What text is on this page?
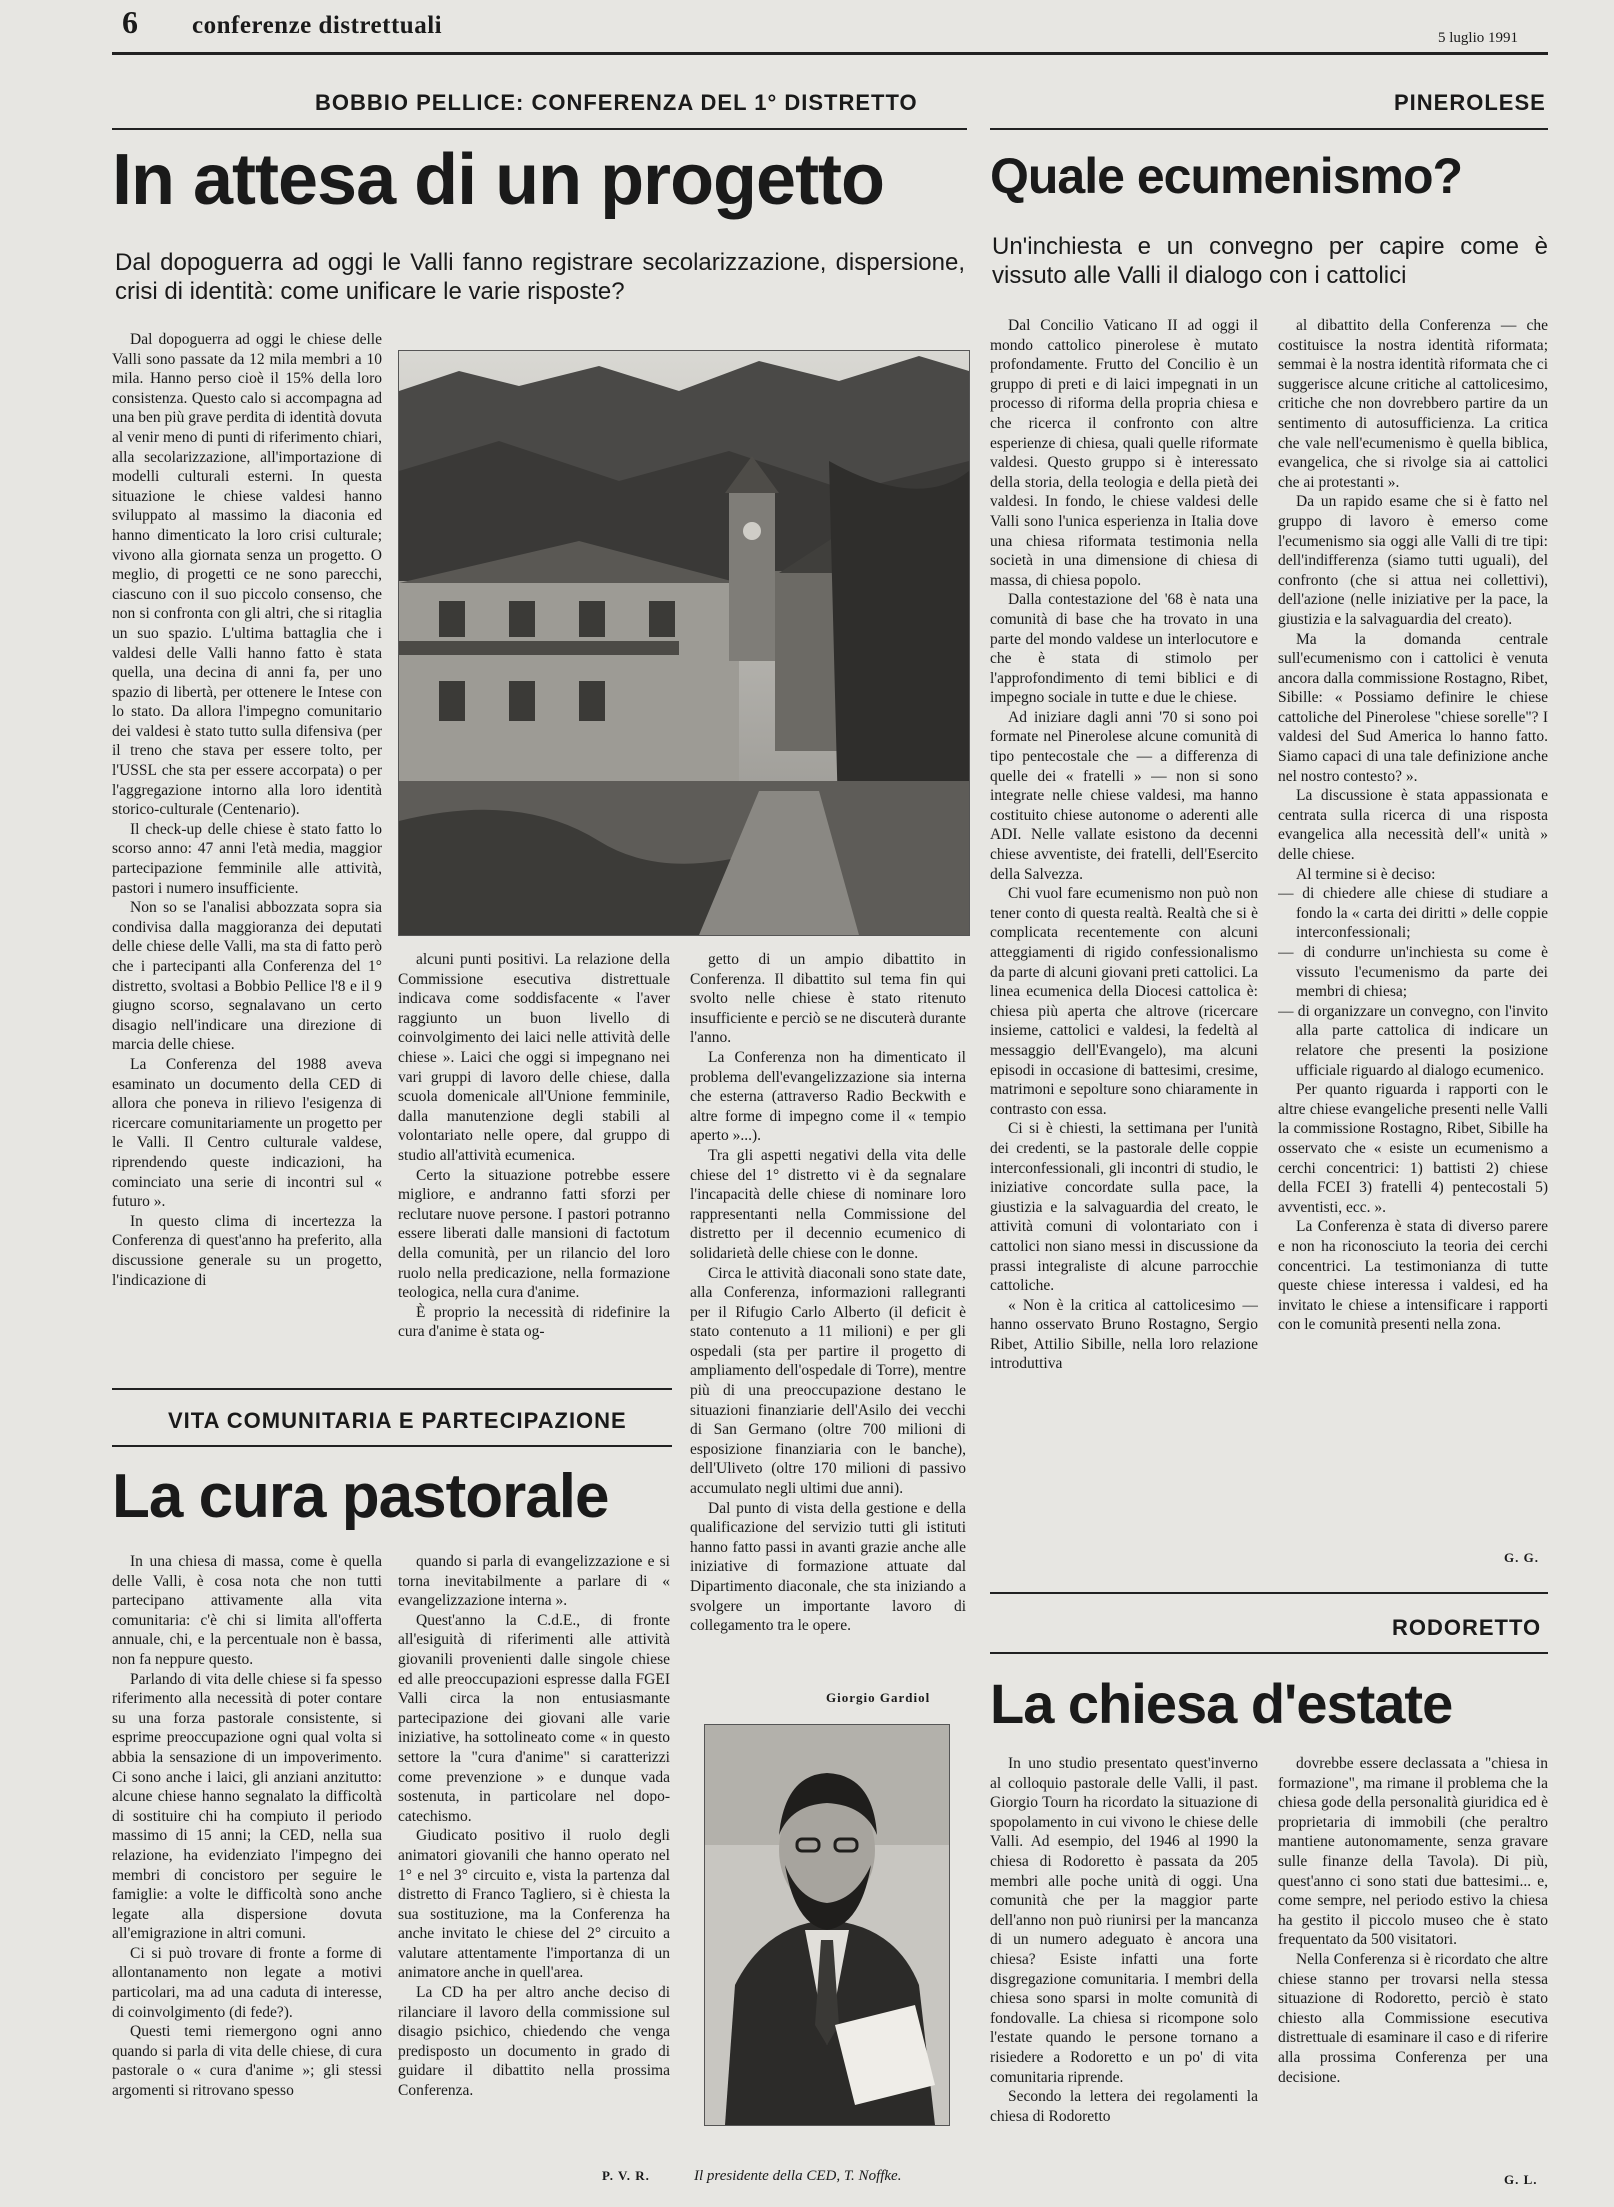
6 conferenze distrettuali	5 luglio 1991
BOBBIO PELLICE: CONFERENZA DEL 1° DISTRETTO
In attesa di un progetto
Dal dopoguerra ad oggi le Valli fanno registrare secolarizzazione, dispersione, crisi di identità: come unificare le varie risposte?

Dal dopoguerra ad oggi le chiese delle Valli sono passate da 12 mila membri a 10 mila. Hanno perso cioè il 15% della loro consistenza. Questo calo si accompagna ad una ben più grave perdita di identità dovuta al venir meno di punti di riferimento chiari, alla secolarizzazione, all'importazione di modelli culturali esterni. In questa situazione le chiese valdesi hanno sviluppato al massimo la diaconia ed hanno dimenticato la loro crisi culturale; vivono alla giornata senza un progetto. O meglio, di progetti ce ne sono parecchi, ciascuno con il suo piccolo consenso, che non si confronta con gli altri, che si ritaglia un suo spazio. L'ultima battaglia che i valdesi delle Valli hanno fatto è stata quella, una decina di anni fa, per uno spazio di libertà, per ottenere le Intese con lo stato. Da allora l'impegno comunitario dei valdesi è stato tutto sulla difensiva (per il treno che stava per essere tolto, per l'USSL che sta per essere accorpata) o per l'aggregazione intorno alla loro identità storico-culturale (Centenario).

Il check-up delle chiese è stato fatto lo scorso anno: 47 anni l'età media, maggior partecipazione femminile alle attività, pastori i numero insufficiente.

Non so se l'analisi abbozzata sopra sia condivisa dalla maggioranza dei deputati delle chiese delle Valli, ma sta di fatto però che i partecipanti alla Conferenza del 1° distretto, svoltasi a Bobbio Pellice l'8 e il 9 giugno scorso, segnalavano un certo disagio nell'indicare una direzione di marcia delle chiese.

La Conferenza del 1988 aveva esaminato un documento della CED di allora che poneva in rilievo l'esigenza di ricercare comunitariamente un progetto per le Valli. Il Centro culturale valdese, riprendendo queste indicazioni, ha cominciato una serie di incontri sul « futuro ».

In questo clima di incertezza la Conferenza di quest'anno ha preferito, alla discussione generale su un progetto, l'indicazione di

alcuni punti positivi. La relazione della Commissione esecutiva distrettuale indicava come soddisfacente « l'aver raggiunto un buon livello di coinvolgimento dei laici nelle attività delle chiese ». Laici che oggi si impegnano nei vari gruppi di lavoro delle chiese, dalla scuola domenicale all'Unione femminile, dalla manutenzione degli stabili al volontariato nelle opere, dal gruppo di studio all'attività ecumenica.

Certo la situazione potrebbe essere migliore, e andranno fatti sforzi per reclutare nuove persone. I pastori potranno essere liberati dalle mansioni di factotum della comunità, per un rilancio del loro ruolo nella predicazione, nella formazione teologica, nella cura d'anime.

È proprio la necessità di ridefinire la cura d'anime è stata og-

getto di un ampio dibattito in Conferenza. Il dibattito sul tema fin qui svolto nelle chiese è stato ritenuto insufficiente e perciò se ne discuterà durante l'anno.

La Conferenza non ha dimenticato il problema dell'evangelizzazione sia interna che esterna (attraverso Radio Beckwith e altre forme di impegno come il « tempio aperto »...).

Tra gli aspetti negativi della vita delle chiese del 1° distretto vi è da segnalare l'incapacità delle chiese di nominare loro rappresentanti nella Commissione del distretto per il decennio ecumenico di solidarietà delle chiese con le donne.

Circa le attività diaconali sono state date, alla Conferenza, informazioni rallegranti per il Rifugio Carlo Alberto (il deficit è stato contenuto a 11 milioni) e per gli ospedali (sta per partire il progetto di ampliamento dell'ospedale di Torre), mentre più di una preoccupazione destano le situazioni finanziarie dell'Asilo dei vecchi di San Germano (oltre 700 milioni di esposizione finanziaria con le banche), dell'Uliveto (oltre 170 milioni di passivo accumulato negli ultimi due anni).

Dal punto di vista della gestione e della qualificazione del servizio tutti gli istituti hanno fatto passi in avanti grazie anche alle iniziative di formazione attuate dal Dipartimento diaconale, che sta iniziando a svolgere un importante lavoro di collegamento tra le opere.

Giorgio Gardiol
VITA COMUNITARIA E PARTECIPAZIONE
La cura pastorale

In una chiesa di massa, come è quella delle Valli, è cosa nota che non tutti partecipano attivamente alla vita comunitaria: c'è chi si limita all'offerta annuale, chi, e la percentuale non è bassa, non fa neppure questo.

Parlando di vita delle chiese si fa spesso riferimento alla necessità di poter contare su una forza pastorale consistente, si esprime preoccupazione ogni qual volta si abbia la sensazione di un impoverimento. Ci sono anche i laici, gli anziani anzitutto: alcune chiese hanno segnalato la difficoltà di sostituire chi ha compiuto il periodo massimo di 15 anni; la CED, nella sua relazione, ha evidenziato l'impegno dei membri di concistoro per seguire le famiglie: a volte le difficoltà sono anche legate alla dispersione dovuta all'emigrazione in altri comuni.

Ci si può trovare di fronte a forme di allontanamento non legate a motivi particolari, ma ad una caduta di interesse, di coinvolgimento (di fede?).

Questi temi riemergono ogni anno quando si parla di vita delle chiese, di cura pastorale o « cura d'anime »; gli stessi argomenti si ritrovano spesso

quando si parla di evangelizzazione e si torna inevitabilmente a parlare di « evangelizzazione interna ».

Quest'anno la C.d.E., di fronte all'esiguità di riferimenti alle attività giovanili provenienti dalle singole chiese ed alle preoccupazioni espresse dalla FGEI Valli circa la non entusiasmante partecipazione dei giovani alle varie iniziative, ha sottolineato come « in questo settore la "cura d'anime" si caratterizzi come prevenzione » e dunque vada sostenuta, in particolare nel dopo-catechismo.

Giudicato positivo il ruolo degli animatori giovanili che hanno operato nel 1° e nel 3° circuito e, vista la partenza dal distretto di Franco Tagliero, si è chiesta la sua sostituzione, ma la Conferenza ha anche invitato le chiese del 2° circuito a valutare attentamente l'importanza di un animatore anche in quell'area.

La CD ha per altro anche deciso di rilanciare il lavoro della commissione sul disagio psichico, chiedendo che venga predisposto un documento in grado di guidare il dibattito nella prossima Conferenza.

P. V. R.	Il presidente della CED, T. Noffke.
PINEROLESE
Quale ecumenismo?
Un'inchiesta e un convegno per capire come è vissuto alle Valli il dialogo con i cattolici

Dal Concilio Vaticano II ad oggi il mondo cattolico pinerolese è mutato profondamente. Frutto del Concilio è un gruppo di preti e di laici impegnati in un processo di riforma della propria chiesa e che ricerca il confronto con altre esperienze di chiesa, quali quelle riformate valdesi. Questo gruppo si è interessato della storia, della teologia e della pietà dei valdesi. In fondo, le chiese valdesi delle Valli sono l'unica esperienza in Italia dove una chiesa riformata testimonia nella società in una dimensione di chiesa di massa, di chiesa popolo.

Dalla contestazione del '68 è nata una comunità di base che ha trovato in una parte del mondo valdese un interlocutore e che è stata di stimolo per l'approfondimento di temi biblici e di impegno sociale in tutte e due le chiese.

Ad iniziare dagli anni '70 si sono poi formate nel Pinerolese alcune comunità di tipo pentecostale che — a differenza di quelle dei « fratelli » — non si sono integrate nelle chiese valdesi, ma hanno costituito chiese autonome o aderenti alle ADI. Nelle vallate esistono da decenni chiese avventiste, dei fratelli, dell'Esercito della Salvezza.

Chi vuol fare ecumenismo non può non tener conto di questa realtà. Realtà che si è complicata recentemente con alcuni atteggiamenti di rigido confessionalismo da parte di alcuni giovani preti cattolici. La linea ecumenica della Diocesi cattolica è: chiesa più aperta che altrove (ricercare insieme, cattolici e valdesi, la fedeltà al messaggio dell'Evangelo), ma alcuni episodi in occasione di battesimi, cresime, matrimoni e sepolture sono chiaramente in contrasto con essa.

Ci si è chiesti, la settimana per l'unità dei credenti, se la pastorale delle coppie interconfessionali, gli incontri di studio, le iniziative concordate sulla pace, la giustizia e la salvaguardia del creato, le attività comuni di volontariato con i cattolici non siano messi in discussione da prassi integraliste di alcune parrocchie cattoliche.

« Non è la critica al cattolicesimo — hanno osservato Bruno Rostagno, Sergio Ribet, Attilio Sibille, nella loro relazione introduttiva

al dibattito della Conferenza — che costituisce la nostra identità riformata; semmai è la nostra identità riformata che ci suggerisce alcune critiche al cattolicesimo, critiche che non dovrebbero partire da un sentimento di autosufficienza. La critica che vale nell'ecumenismo è quella biblica, evangelica, che si rivolge sia ai cattolici che ai protestanti ».

Da un rapido esame che si è fatto nel gruppo di lavoro è emerso come l'ecumenismo sia oggi alle Valli di tre tipi: dell'indifferenza (siamo tutti uguali), del confronto (che si attua nei collettivi), dell'azione (nelle iniziative per la pace, la giustizia e la salvaguardia del creato).

Ma la domanda centrale sull'ecumenismo con i cattolici è venuta ancora dalla commissione Rostagno, Ribet, Sibille: « Possiamo definire le chiese cattoliche del Pinerolese "chiese sorelle"? I valdesi del Sud America lo hanno fatto. Siamo capaci di una tale definizione anche nel nostro contesto? ».

La discussione è stata appassionata e centrata sulla ricerca di una risposta evangelica alla necessità dell'« unità » delle chiese.

Al termine si è deciso:

— di chiedere alle chiese di studiare a fondo la « carta dei diritti » delle coppie interconfessionali;

— di condurre un'inchiesta su come è vissuto l'ecumenismo da parte dei membri di chiesa;

— di organizzare un convegno, con l'invito alla parte cattolica di indicare un relatore che presenti la posizione ufficiale riguardo al dialogo ecumenico.

Per quanto riguarda i rapporti con le altre chiese evangeliche presenti nelle Valli la commissione Rostagno, Ribet, Sibille ha osservato che « esiste un ecumenismo a cerchi concentrici: 1) battisti 2) chiese della FCEI 3) fratelli 4) pentecostali 5) avventisti, ecc. ».

La Conferenza è stata di diverso parere e non ha riconosciuto la teoria dei cerchi concentrici. La testimonianza di tutte queste chiese interessa i valdesi, ed ha invitato le chiese a intensificare i rapporti con le comunità presenti nella zona.

G. G.
RODORETTO
La chiesa d'estate

In uno studio presentato quest'inverno al colloquio pastorale delle Valli, il past. Giorgio Tourn ha ricordato la situazione di spopolamento in cui vivono le chiese delle Valli. Ad esempio, del 1946 al 1990 la chiesa di Rodoretto è passata da 205 membri alle poche unità di oggi. Una comunità che per la maggior parte dell'anno non può riunirsi per la mancanza di un numero adeguato è ancora una chiesa? Esiste infatti una forte disgregazione comunitaria. I membri della chiesa sono sparsi in molte comunità di fondovalle. La chiesa si ricompone solo l'estate quando le persone tornano a risiedere a Rodoretto e un po' di vita comunitaria riprende.

Secondo la lettera dei regolamenti la chiesa di Rodoretto

dovrebbe essere declassata a "chiesa in formazione", ma rimane il problema che la chiesa gode della personalità giuridica ed è proprietaria di immobili (che peraltro mantiene autonomamente, senza gravare sulle finanze della Tavola). Di più, quest'anno ci sono stati due battesimi... e, come sempre, nel periodo estivo la chiesa ha gestito il piccolo museo che è stato frequentato da 500 visitatori.

Nella Conferenza si è ricordato che altre chiese stanno per trovarsi nella stessa situazione di Rodoretto, perciò è stato chiesto alla Commissione esecutiva distrettuale di esaminare il caso e di riferire alla prossima Conferenza per una decisione.

G. L.
